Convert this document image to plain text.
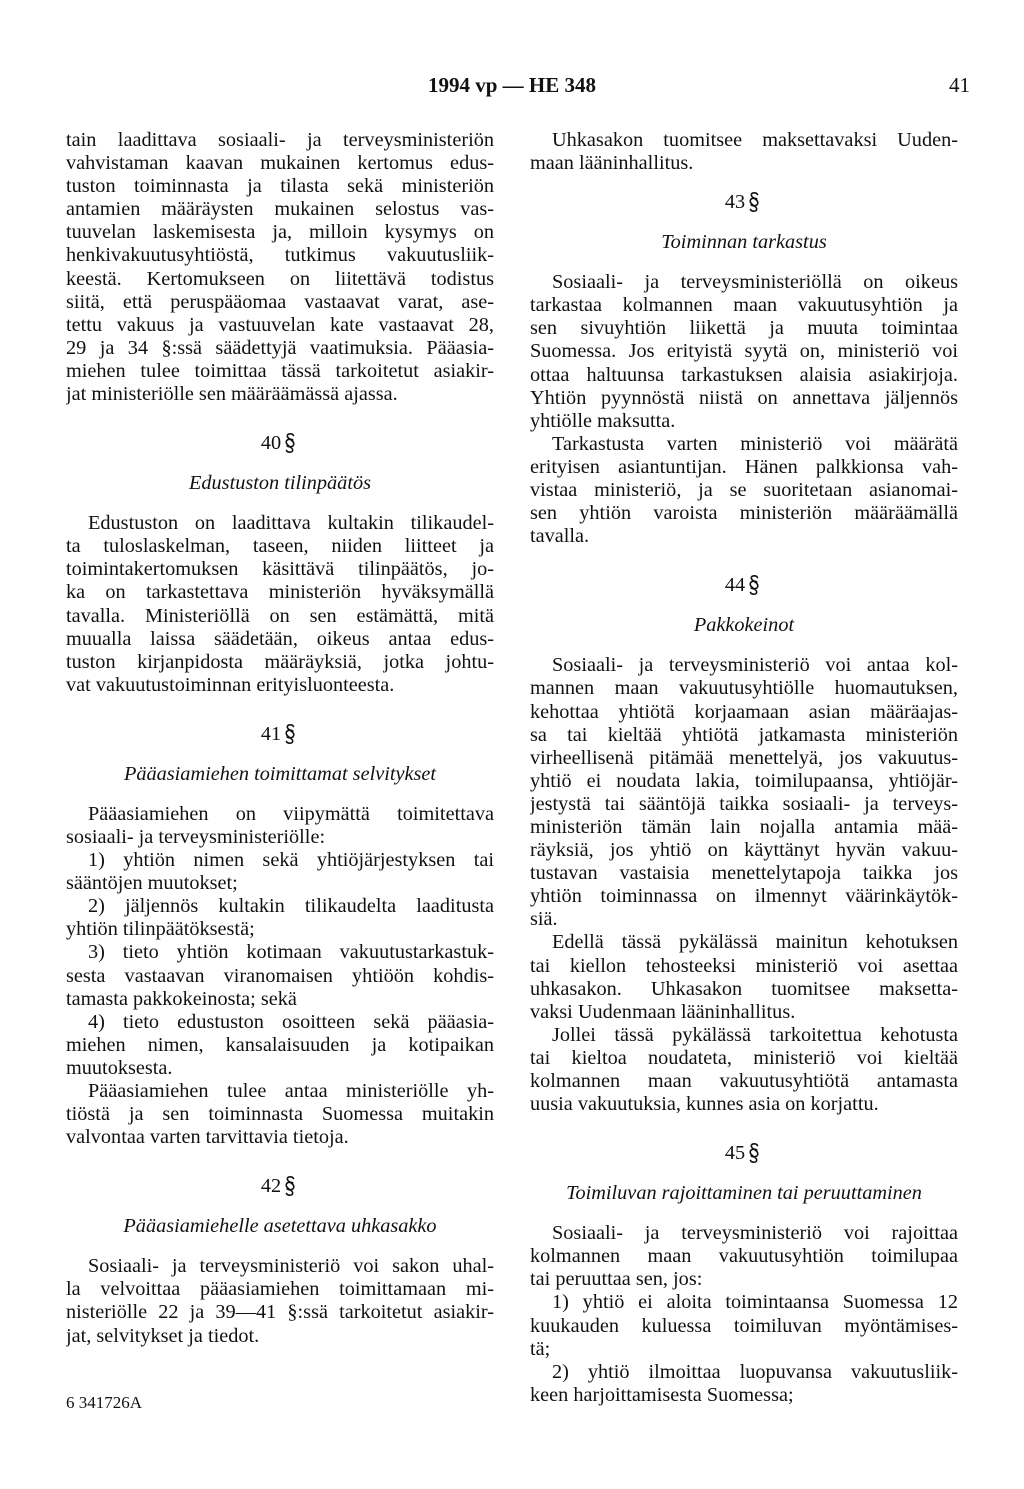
1994 vp — HE 348	41
tain laadittava sosiaali- ja terveysministeriön
vahvistaman kaavan mukainen kertomus edus-
tuston toiminnasta ja tilasta sekä ministeriön
antamien määräysten mukainen selostus vas-
tuuvelan laskemisesta ja, milloin kysymys on
henkivakuutusyhtiöstä, tutkimus vakuutusliik-
keestä. Kertomukseen on liitettävä todistus
siitä, että peruspääomaa vastaavat varat, ase-
tettu vakuus ja vastuuvelan kate vastaavat 28,
29 ja 34 §:ssä säädettyjä vaatimuksia. Pääasia-
miehen tulee toimittaa tässä tarkoitetut asiakir-
jat ministeriölle sen määräämässä ajassa.
40
Edustuston tilinpäätös
Edustuston on laadittava kultakin tilikaudel-
ta tuloslaskelman, taseen, niiden liitteet ja
toimintakertomuksen käsittävä tilinpäätös, jo-
ka on tarkastettava ministeriön hyväksymällä
tavalla. Ministeriöllä on sen estämättä, mitä
muualla laissa säädetään, oikeus antaa edus-
tuston kirjanpidosta määräyksiä, jotka johtu-
vat vakuutustoiminnan erityisluonteesta.
41
Pääasiamiehen toimittamat selvitykset
Pääasiamiehen on viipymättä toimitettava
sosiaali- ja terveysministeriölle:
1) yhtiön nimen sekä yhtiöjärjestyksen tai
sääntöjen muutokset;
2) jäljennös kultakin tilikaudelta laaditusta
yhtiön tilinpäätöksestä;
3) tieto yhtiön kotimaan vakuutustarkastuk-
sesta vastaavan viranomaisen yhtiöön kohdis-
tamasta pakkokeinosta; sekä
4) tieto edustuston osoitteen sekä pääasia-
miehen nimen, kansalaisuuden ja kotipaikan
muutoksesta.
Pääasiamiehen tulee antaa ministeriölle yh-
tiöstä ja sen toiminnasta Suomessa muitakin
valvontaa varten tarvittavia tietoja.
42
Pääasiamiehelle asetettava uhkasakko
Sosiaali- ja terveysministeriö voi sakon uhal-
la velvoittaa pääasiamiehen toimittamaan mi-
nisteriölle 22 ja 39—41 §:ssä tarkoitetut asiakir-
jat, selvitykset ja tiedot.
Uhkasakon tuomitsee maksettavaksi Uuden-
maan lääninhallitus.
43
Toiminnan tarkastus
Sosiaali- ja terveysministeriöllä on oikeus
tarkastaa kolmannen maan vakuutusyhtiön ja
sen sivuyhtiön liikettä ja muuta toimintaa
Suomessa. Jos erityistä syytä on, ministeriö voi
ottaa haltuunsa tarkastuksen alaisia asiakirjoja.
Yhtiön pyynnöstä niistä on annettava jäljennös
yhtiölle maksutta.
Tarkastusta varten ministeriö voi määrätä
erityisen asiantuntijan. Hänen palkkionsa vah-
vistaa ministeriö, ja se suoritetaan asianomai-
sen yhtiön varoista ministeriön määräämällä
tavalla.
44
Pakkokeinot
Sosiaali- ja terveysministeriö voi antaa kol-
mannen maan vakuutusyhtiölle huomautuksen,
kehottaa yhtiötä korjaamaan asian määräajas-
sa tai kieltää yhtiötä jatkamasta ministeriön
virheellisenä pitämää menettelyä, jos vakuutus-
yhtiö ei noudata lakia, toimilupaansa, yhtiöjär-
jestystä tai sääntöjä taikka sosiaali- ja terveys-
ministeriön tämän lain nojalla antamia mää-
räyksiä, jos yhtiö on käyttänyt hyvän vakuu-
tustavan vastaisia menettelytapoja taikka jos
yhtiön toiminnassa on ilmennyt väärinkäytök-
siä.
Edellä tässä pykälässä mainitun kehotuksen
tai kiellon tehosteeksi ministeriö voi asettaa
uhkasakon. Uhkasakon tuomitsee maksetta-
vaksi Uudenmaan lääninhallitus.
Jollei tässä pykälässä tarkoitettua kehotusta
tai kieltoa noudateta, ministeriö voi kieltää
kolmannen maan vakuutusyhtiötä antamasta
uusia vakuutuksia, kunnes asia on korjattu.
45
Toimiluvan rajoittaminen tai peruuttaminen
Sosiaali- ja terveysministeriö voi rajoittaa
kolmannen maan vakuutusyhtiön toimilupaa
tai peruuttaa sen, jos:
1) yhtiö ei aloita toimintaansa Suomessa 12
kuukauden kuluessa toimiluvan myöntämises-
tä;
2) yhtiö ilmoittaa luopuvansa vakuutusliik-
keen harjoittamisesta Suomessa;
6 341726A
